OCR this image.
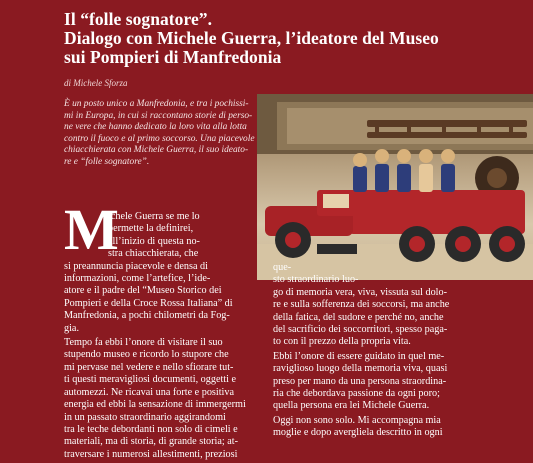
Il “folle sognatore”.
Dialogo con Michele Guerra, l’ideatore del Museo
sui Pompieri di Manfredonia
di Michele Sforza
È un posto unico a Manfredonia, e tra i pochissi-
mi in Europa, in cui si raccontano storie di perso-
ne vere che hanno dedicato la loro vita alla lotta
contro il fuoco e al primo soccorso. Una piacevole
chiacchierata con Michele Guerra, il suo ideato-
re e “folle sognatore”.
M
ichele Guerra se me lo
permette la definirei,
all’inizio di questa no-
stra chiacchierata, che
si preannuncia piacevole e densa di
informazioni, come l’artefice, l’ide-
atore e il padre del “Museo Storico dei
Pompieri e della Croce Rossa Italiana” di
Manfredonia, a pochi chilometri da Fog-
gia.
Tempo fa ebbi l’onore di visitare il suo
stupendo museo e ricordo lo stupore che
mi pervase nel vedere e nello sfiorare tut-
ti questi meravigliosi documenti, oggetti e
automezzi. Ne ricavai una forte e positiva
energia ed ebbi la sensazione di immergermi
in un passato straordinario aggirandomi
tra le teche debordanti non solo di cimeli e
materiali, ma di storia, di grande storia; at-
traversare i numerosi allestimenti, preziosi
que-
sto straordinario luo-
go di memoria vera, viva, vissuta sul dolo-
re e sulla sofferenza dei soccorsi, ma anche
della fatica, del sudore e perché no, anche
del sacrificio dei soccorritori, spesso paga-
to con il prezzo della propria vita.
Ebbi l’onore di essere guidato in quel me-
raviglioso luogo della memoria viva, quasi
preso per mano da una persona straordina-
ria che debordava passione da ogni poro;
quella persona era lei Michele Guerra.
Oggi non sono solo. Mi accompagna mia
moglie e dopo avergliela descritto in ogni
